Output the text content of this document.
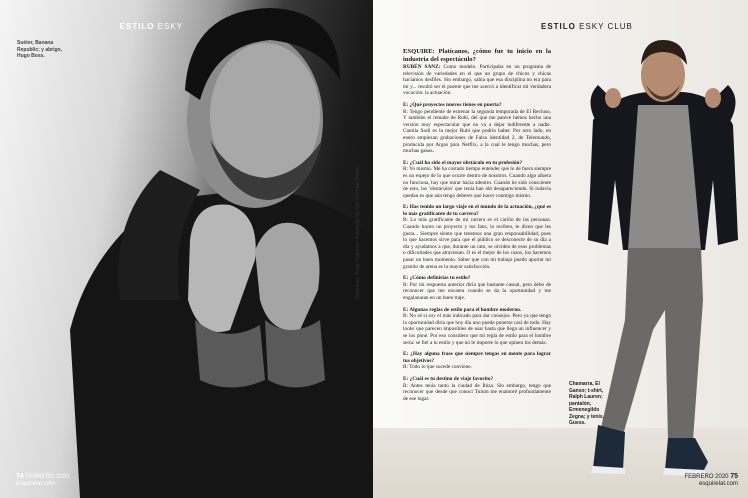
ESTILO ESKY
Suéter, Banana Republic; y abrigo, Hugo Boss.
Grooming: Hugo Gutiérrez. Asistente de foto: Michael Pérez.
74 FEBRERO 2020
esquirelat.com
ESTILO ESKY CLUB

ESQUIRE: Platícanos, ¿cómo fue tu inicio en la industria del espectáculo?
RUBÉN SANZ: Como modelo. Participaba en un programa de televisión de variedades en el que un grupo de chicos y chicas hacíamos desfiles. Sin embargo, sabía que esa disciplina no era para mí y... resultó ser el puente que me acercó a identificar mi verdadera vocación: la actuación.

E: ¿Qué proyectos nuevos tienes en puerta?
R: Tengo pendiente de estrenar la segunda temporada de El Recluso, Y también el remake de Rubí, del que me parece hemos hecho una versión muy espectacular que no va a dejar indiferente a nadie. Camila Sodi es la mejor Rubí que podría haber. Por otro lado, en enero empiezan grabaciones de Falsa identidad 2, de Telemundo, producida por Argos para Netflix, a la cual le tengo muchas, pero muchas ganas.

E: ¿Cuál ha sido el mayor obstáculo en tu profesión?
R: Yo mismo. Me ha costado tiempo entender que lo de fuera siempre es un espejo de lo que ocurre dentro de nosotros. Cuando algo afuera no funciona, hay que mirar hacia adentro. Cuando he sido consciente de esto, los 'obstáculos' que tenía han ido desapareciendo. Si todavía quedan es que aún tengo deberes que hacer conmigo mismo.

E: Has tenido un largo viaje en el mundo de la actuación, ¿qué es lo más gratificante de tu carrera?
R: Lo más gratificante de mi carrera es el cariño de las personas. Cuando hacen un proyecto y tus fans, lo reciben, te dicen que les gusta... Siempre siento que tenemos una gran responsabilidad, pues lo que hacemos sirve para que el público se desconecte de su día a día y ayudamos a que, durante un rato, se olviden de esos problemas o dificultades que atraviesan. O es el mejor de los casos, los hacemos pasar un buen momento. Saber que con mi trabajo puedo aportar mi granito de arena es la mayor satisfacción.

E: ¿Cómo definirías tu estilo?
R: Por mi respuesta anterior diría que bastante casual, pero debo de reconocer que me encanta cuando se da la oportunidad y me engalanaran en un buen traje.

E: Algunas reglas de estilo para el hombre moderno.
R: No sé si soy el más indicado para dar consejos. Pero ya que tengo la oportunidad diría que hoy día uno puede ponerse casi de todo. Hay looks que parecen imposibles de usar hasta que llega un influencer y se los pone. Por eso considero que mi regla de estilo para el hombre sería: se fiel a tu estilo y que no te importe lo que opinen los demás.

E: ¿Hay alguna frase que siempre tengas en mente para lograr tus objetivos?
R: Todo lo que sucede conviene.

E: ¿Cuál es tu destino de viaje favorito?
R: Antes tenía tanto la ciudad de Ibiza. Sin embargo, tengo que reconocer que desde que conocí Tulum me enamoré profundamente de ese lugar.

Chamarra, El Ganso; t-shirt, Ralph Lauren; pantalón, Ermenegildo Zegna; y tenis, Guess.
FEBRERO 2020 75
esquirelat.com
